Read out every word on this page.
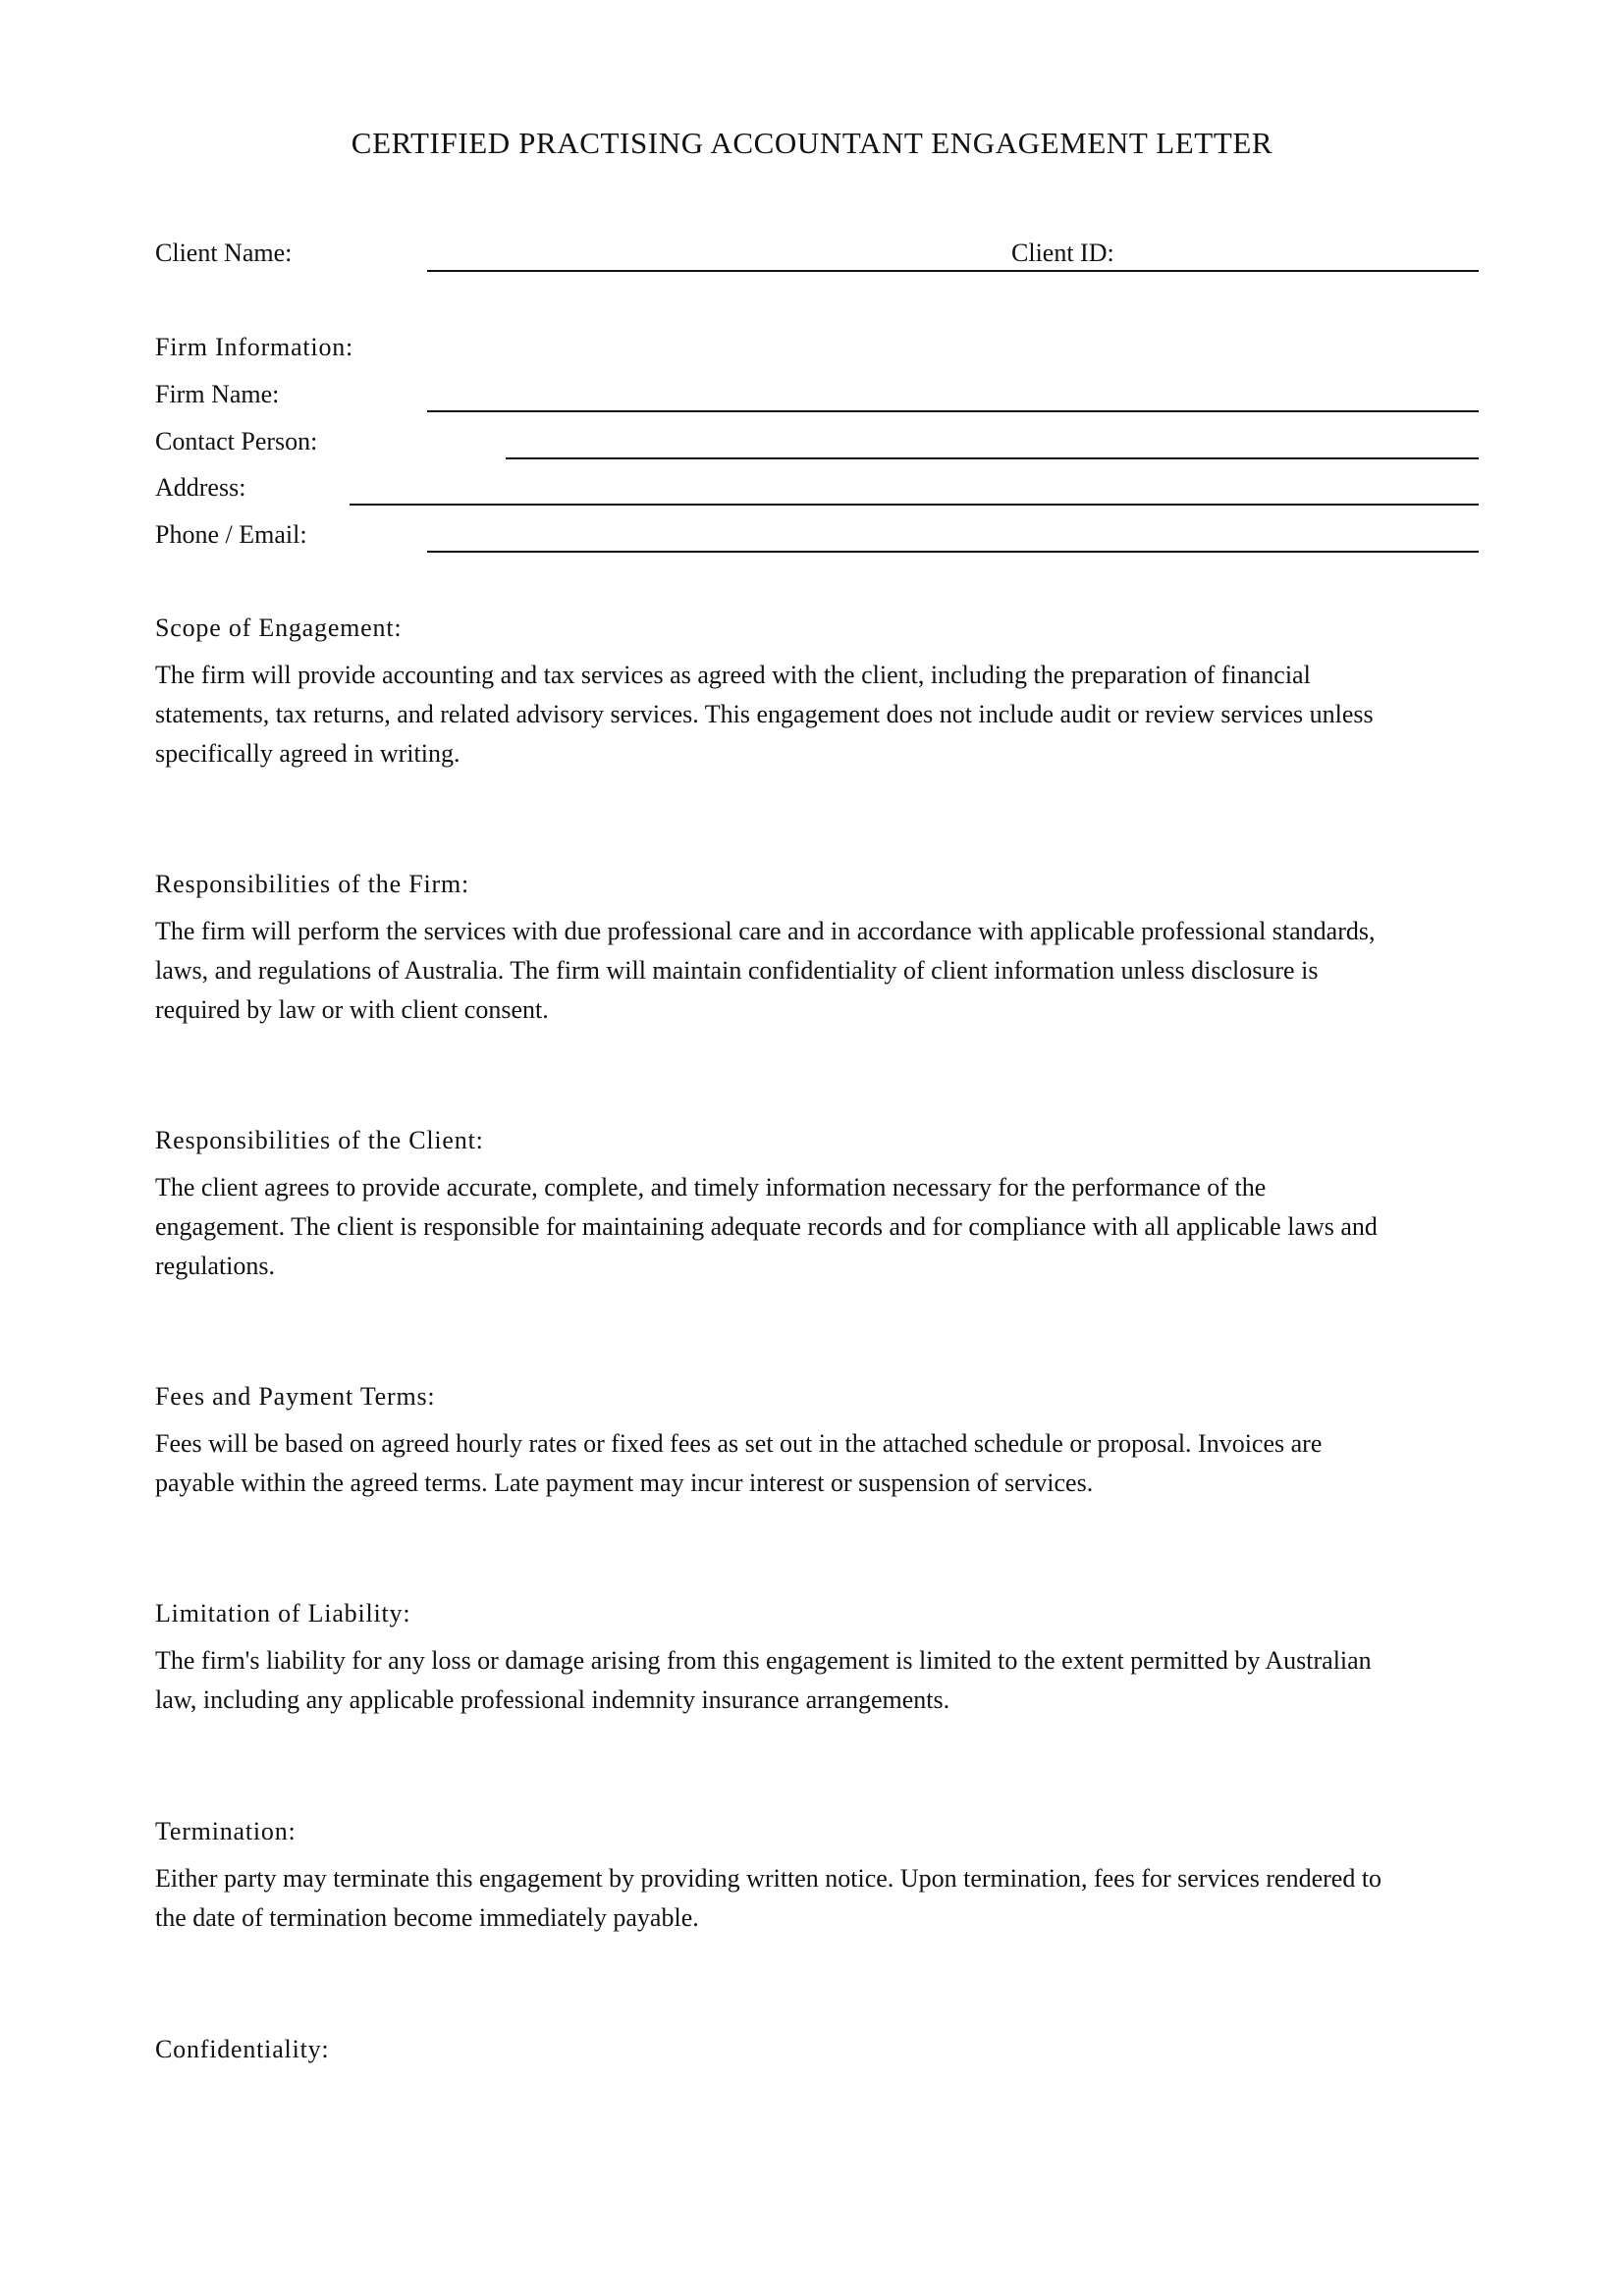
CERTIFIED PRACTISING ACCOUNTANT ENGAGEMENT LETTER
Client Name:	Client ID:
Firm Information:
Firm Name:
Contact Person:
Address:
Phone / Email:
Scope of Engagement:
The firm will provide accounting and tax services as agreed with the client, including the preparation of financial
statements, tax returns, and related advisory services. This engagement does not include audit or review services unless
specifically agreed in writing.
Responsibilities of the Firm:
The firm will perform the services with due professional care and in accordance with applicable professional standards,
laws, and regulations of Australia. The firm will maintain confidentiality of client information unless disclosure is
required by law or with client consent.
Responsibilities of the Client:
The client agrees to provide accurate, complete, and timely information necessary for the performance of the
engagement. The client is responsible for maintaining adequate records and for compliance with all applicable laws and
regulations.
Fees and Payment Terms:
Fees will be based on agreed hourly rates or fixed fees as set out in the attached schedule or proposal. Invoices are
payable within the agreed terms. Late payment may incur interest or suspension of services.
Limitation of Liability:
The firm's liability for any loss or damage arising from this engagement is limited to the extent permitted by Australian
law, including any applicable professional indemnity insurance arrangements.
Termination:
Either party may terminate this engagement by providing written notice. Upon termination, fees for services rendered to
the date of termination become immediately payable.
Confidentiality:
